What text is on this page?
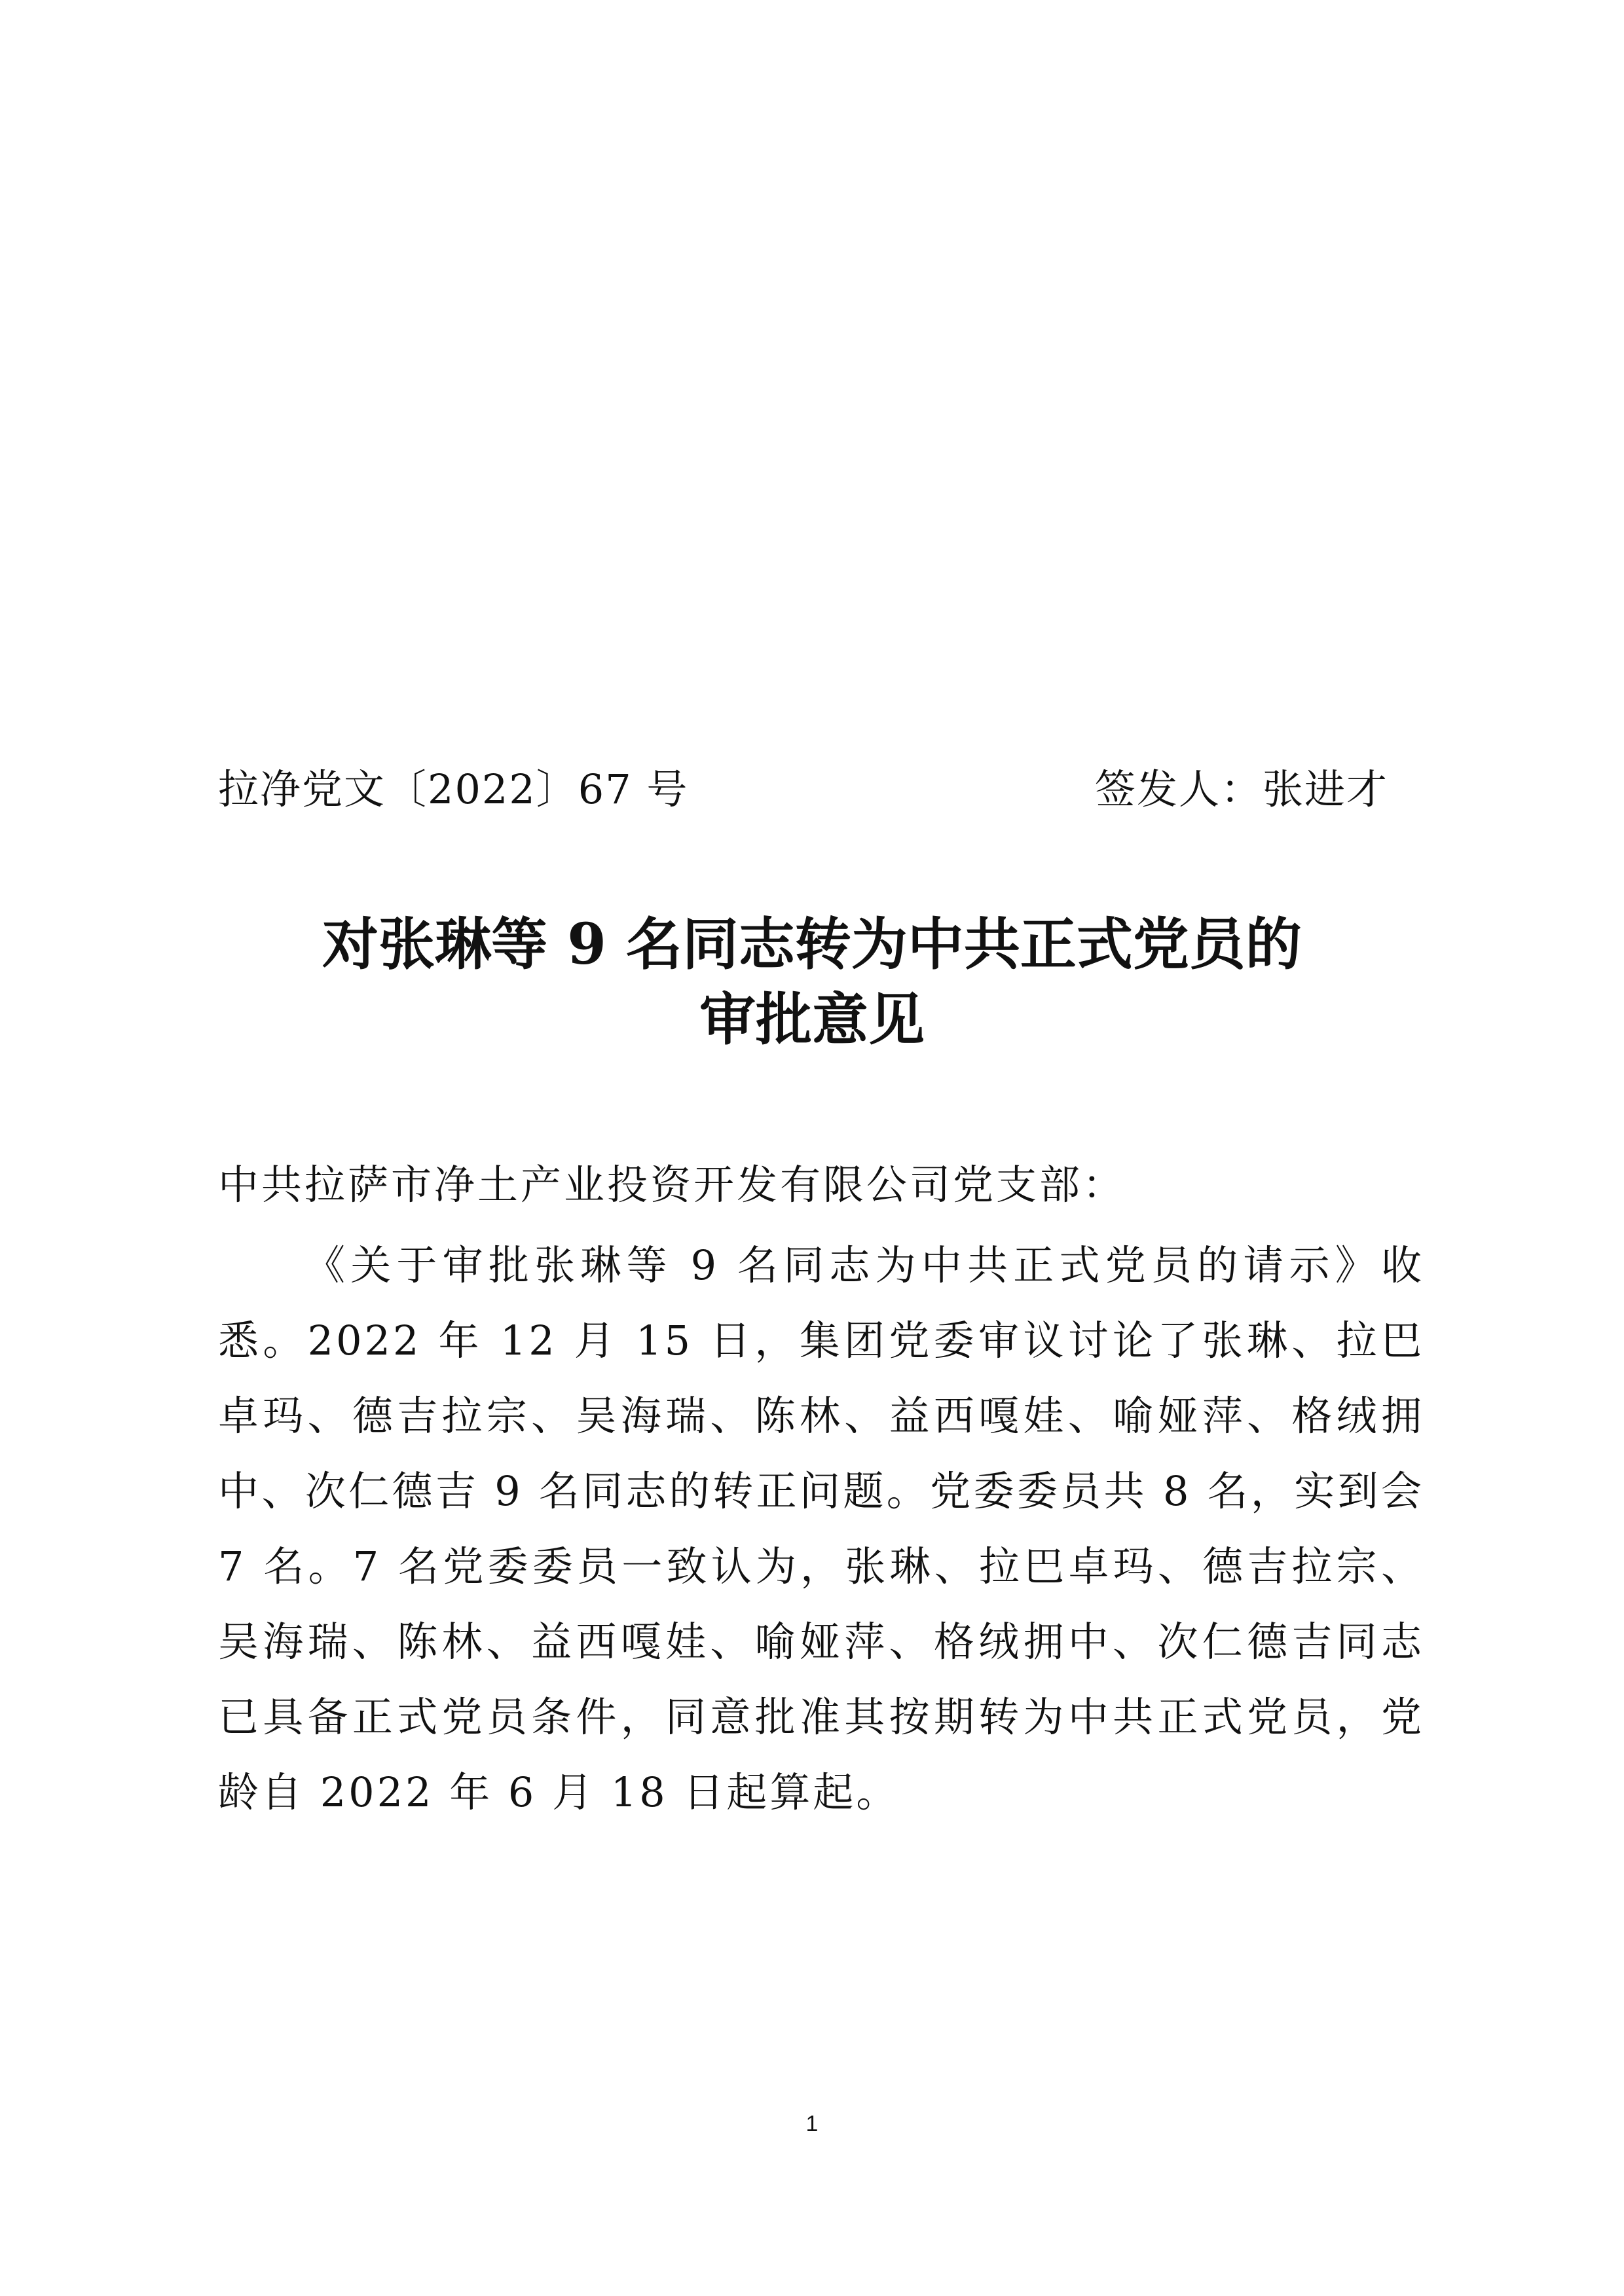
拉净党文〔2022〕67 号	签发人：张进才
对张琳等 9 名同志转为中共正式党员的
审批意见
中共拉萨市净土产业投资开发有限公司党支部：

《关于审批张琳等 9 名同志为中共正式党员的请示》收悉。2022 年 12 月 15 日，集团党委审议讨论了张琳、拉巴卓玛、德吉拉宗、吴海瑞、陈林、益西嘎娃、喻娅萍、格绒拥中、次仁德吉 9 名同志的转正问题。党委委员共 8 名，实到会 7 名。7 名党委委员一致认为，张琳、拉巴卓玛、德吉拉宗、吴海瑞、陈林、益西嘎娃、喻娅萍、格绒拥中、次仁德吉同志已具备正式党员条件，同意批准其按期转为中共正式党员，党龄自 2022 年 6 月 18 日起算起。

1
